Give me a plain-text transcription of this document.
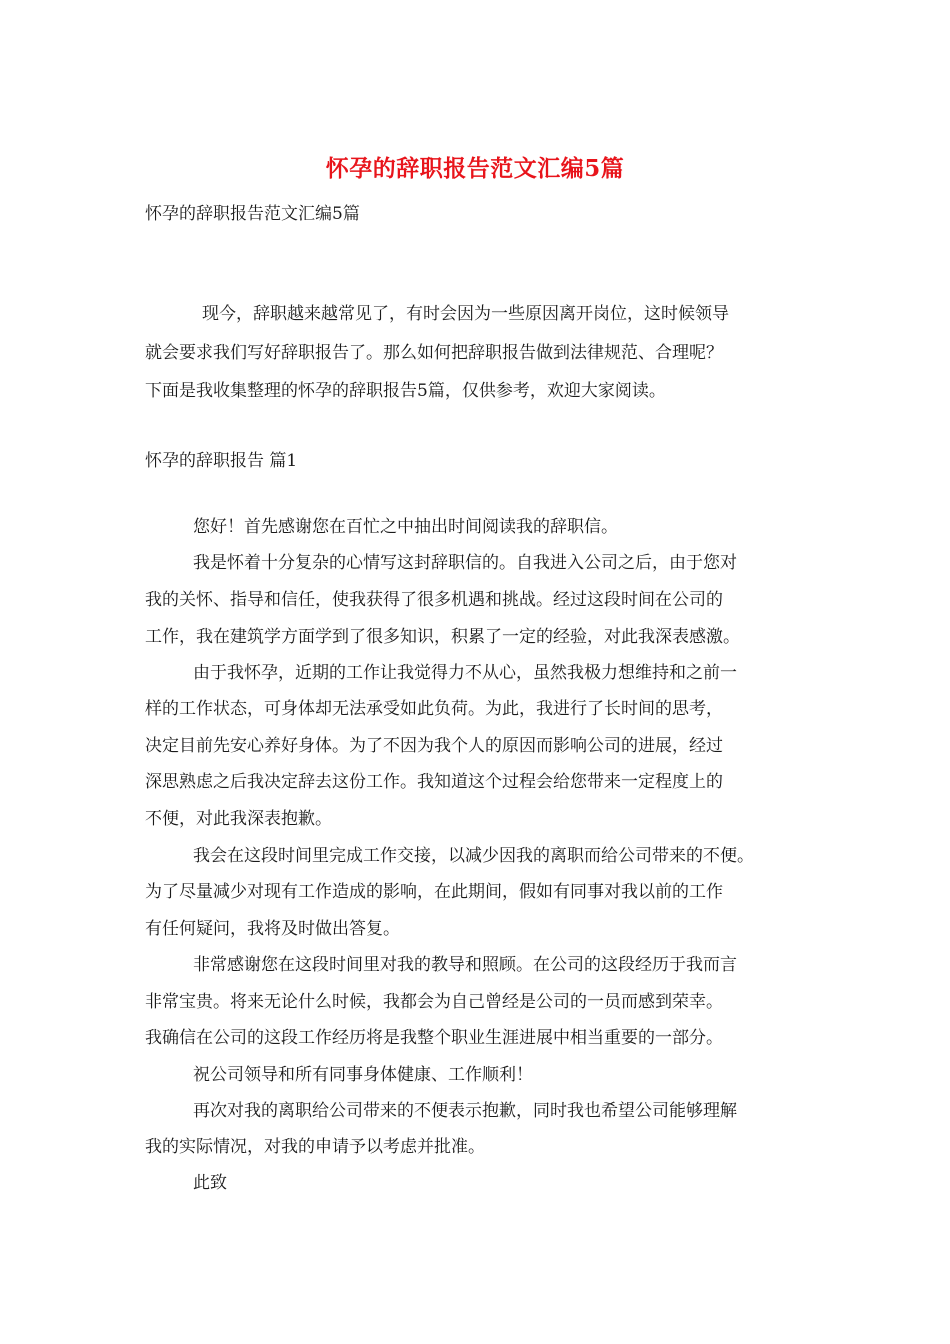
怀孕的辞职报告范文汇编5篇
怀孕的辞职报告范文汇编5篇
现今，辞职越来越常见了，有时会因为一些原因离开岗位，这时候领导
就会要求我们写好辞职报告了。那么如何把辞职报告做到法律规范、合理呢？
下面是我收集整理的怀孕的辞职报告5篇，仅供参考，欢迎大家阅读。
怀孕的辞职报告 篇1
您好！首先感谢您在百忙之中抽出时间阅读我的辞职信。
我是怀着十分复杂的心情写这封辞职信的。自我进入公司之后，由于您对
我的关怀、指导和信任，使我获得了很多机遇和挑战。经过这段时间在公司的
工作，我在建筑学方面学到了很多知识，积累了一定的经验，对此我深表感激。
由于我怀孕，近期的工作让我觉得力不从心，虽然我极力想维持和之前一
样的工作状态，可身体却无法承受如此负荷。为此，我进行了长时间的思考，
决定目前先安心养好身体。为了不因为我个人的原因而影响公司的进展，经过
深思熟虑之后我决定辞去这份工作。我知道这个过程会给您带来一定程度上的
不便，对此我深表抱歉。
我会在这段时间里完成工作交接，以减少因我的离职而给公司带来的不便。
为了尽量减少对现有工作造成的影响，在此期间，假如有同事对我以前的工作
有任何疑问，我将及时做出答复。
非常感谢您在这段时间里对我的教导和照顾。在公司的这段经历于我而言
非常宝贵。将来无论什么时候，我都会为自己曾经是公司的一员而感到荣幸。
我确信在公司的这段工作经历将是我整个职业生涯进展中相当重要的一部分。
祝公司领导和所有同事身体健康、工作顺利！
再次对我的离职给公司带来的不便表示抱歉，同时我也希望公司能够理解
我的实际情况，对我的申请予以考虑并批准。
此致
